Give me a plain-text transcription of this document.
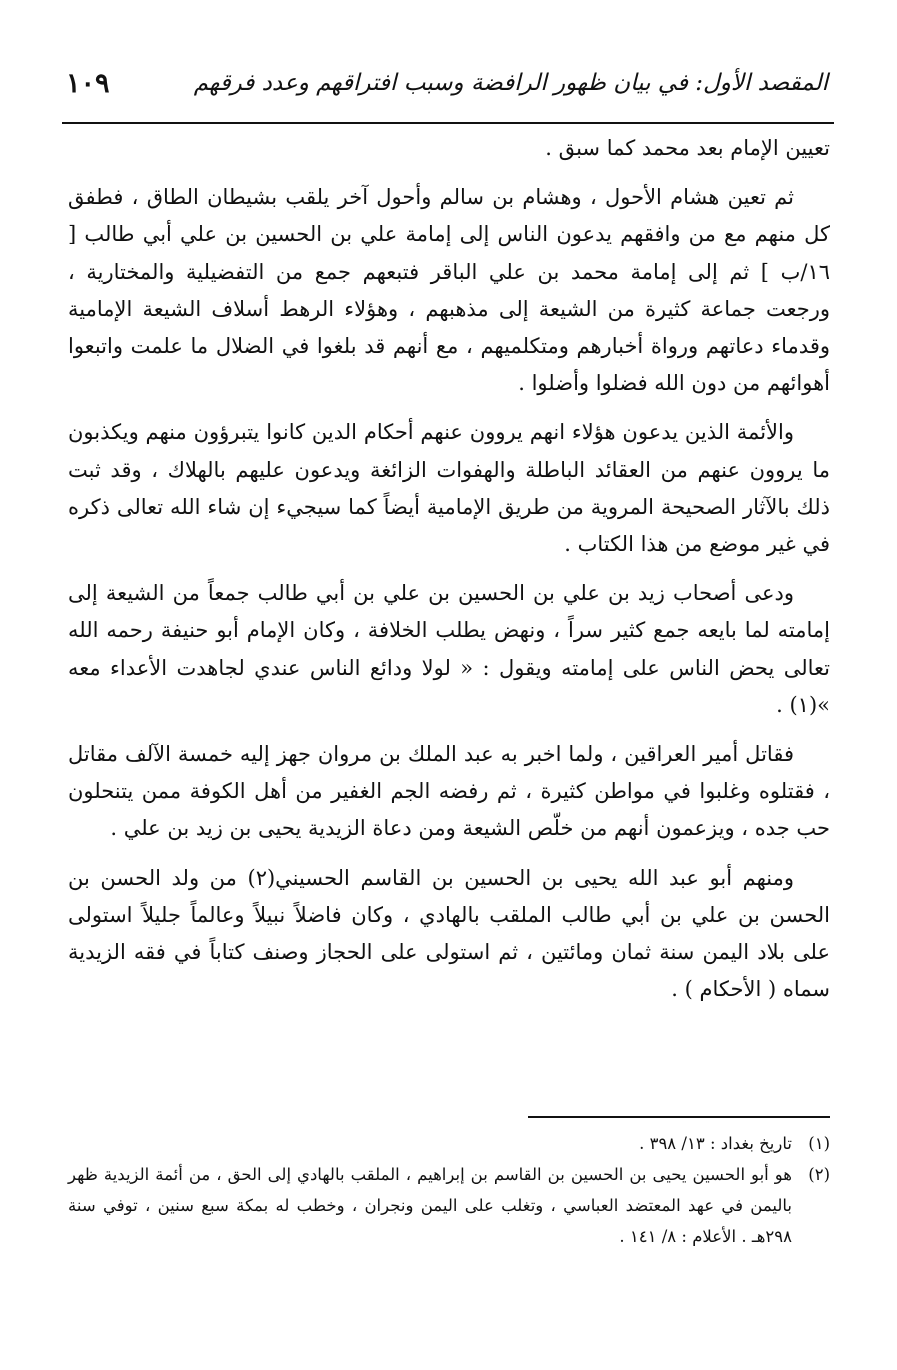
المقصد الأول: في بيان ظهور الرافضة وسبب افتراقهم وعدد فرقهم
١٠٩

تعيين الإمام بعد محمد كما سبق .

ثم تعين هشام الأحول ، وهشام بن سالم وأحول آخر يلقب بشيطان الطاق ، فطفق كل منهم مع من وافقهم يدعون الناس إلى إمامة علي بن الحسين بن علي أبي طالب [ ١٦/ب ] ثم إلى إمامة محمد بن علي الباقر فتبعهم جمع من التفضيلية والمختارية ، ورجعت جماعة كثيرة من الشيعة إلى مذهبهم ، وهؤلاء الرهط أسلاف الشيعة الإمامية وقدماء دعاتهم ورواة أخبارهم ومتكلميهم ، مع أنهم قد بلغوا في الضلال ما علمت واتبعوا أهوائهم من دون الله فضلوا وأضلوا .

والأئمة الذين يدعون هؤلاء انهم يروون عنهم أحكام الدين كانوا يتبرؤون منهم ويكذبون ما يروون عنهم من العقائد الباطلة والهفوات الزائغة ويدعون عليهم بالهلاك ، وقد ثبت ذلك بالآثار الصحيحة المروية من طريق الإمامية أيضاً كما سيجيء إن شاء الله تعالى ذكره في غير موضع من هذا الكتاب .

ودعى أصحاب زيد بن علي بن الحسين بن علي بن أبي طالب جمعاً من الشيعة إلى إمامته لما بايعه جمع كثير سراً ، ونهض يطلب الخلافة ، وكان الإمام أبو حنيفة رحمه الله تعالى يحض الناس على إمامته ويقول : « لولا ودائع الناس عندي لجاهدت الأعداء معه »(١) .

فقاتل أمير العراقين ، ولما اخبر به عبد الملك بن مروان جهز إليه خمسة الآلف مقاتل ، فقتلوه وغلبوا في مواطن كثيرة ، ثم رفضه الجم الغفير من أهل الكوفة ممن يتنحلون حب جده ، ويزعمون أنهم من خلّص الشيعة ومن دعاة الزيدية يحيى بن زيد بن علي .

ومنهم أبو عبد الله يحيى بن الحسين بن القاسم الحسيني(٢) من ولد الحسن بن الحسن بن علي بن أبي طالب الملقب بالهادي ، وكان فاضلاً نبيلاً وعالماً جليلاً استولى على بلاد اليمن سنة ثمان ومائتين ، ثم استولى على الحجاز وصنف كتاباً في فقه الزيدية سماه ( الأحكام ) .

(١)
تاريخ بغداد : ١٣/ ٣٩٨ .

(٢)
هو أبو الحسين يحيى بن الحسين بن القاسم بن إبراهيم ، الملقب بالهادي إلى الحق ، من أئمة الزيدية ظهر باليمن في عهد المعتضد العباسي ، وتغلب على اليمن ونجران ، وخطب له بمكة سبع سنين ، توفي سنة ٢٩٨هـ . الأعلام : ٨/ ١٤١ .
